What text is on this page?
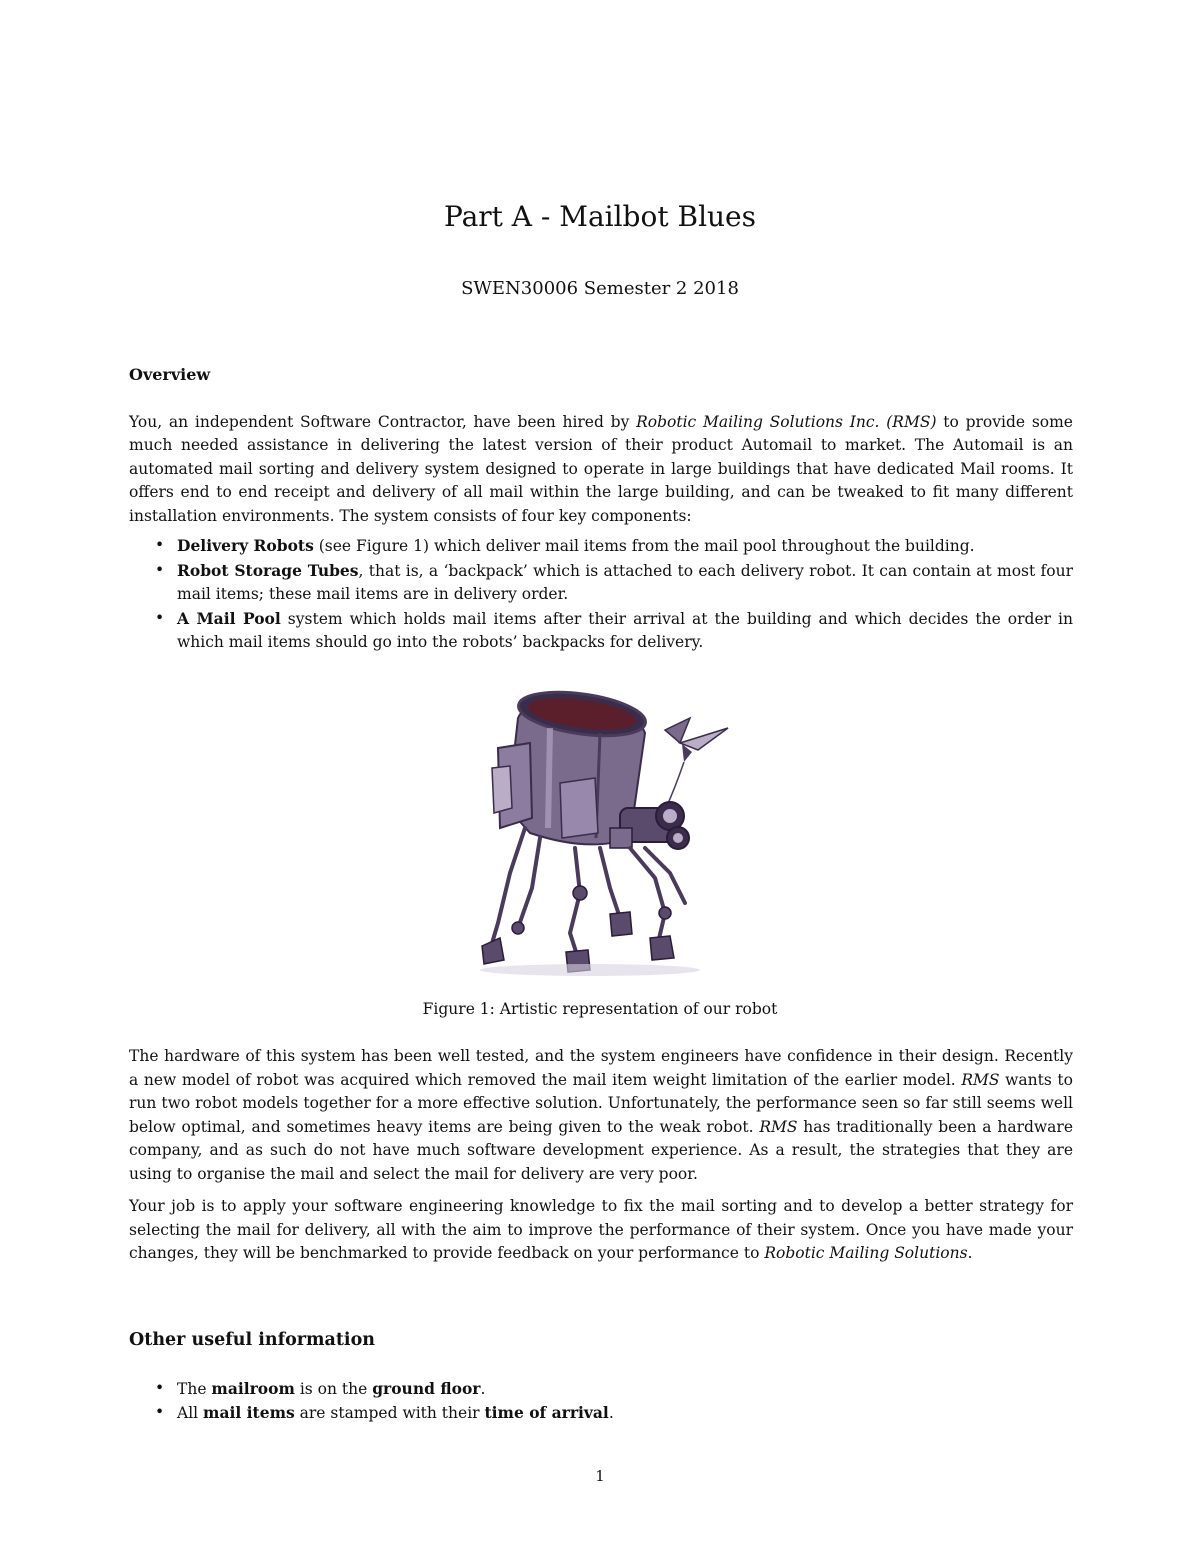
Part A - Mailbot Blues
SWEN30006 Semester 2 2018
Overview

You, an independent Software Contractor, have been hired by Robotic Mailing Solutions Inc. (RMS) to provide some much needed assistance in delivering the latest version of their product Automail to market. The Automail is an automated mail sorting and delivery system designed to operate in large buildings that have dedicated Mail rooms. It offers end to end receipt and delivery of all mail within the large building, and can be tweaked to fit many different installation environments. The system consists of four key components:

• Delivery Robots (see Figure 1) which deliver mail items from the mail pool throughout the building.
• Robot Storage Tubes, that is, a ‘backpack’ which is attached to each delivery robot. It can contain at most four mail items; these mail items are in delivery order.
• A Mail Pool system which holds mail items after their arrival at the building and which decides the order in which mail items should go into the robots’ backpacks for delivery.
Figure 1: Artistic representation of our robot

The hardware of this system has been well tested, and the system engineers have confidence in their design. Recently a new model of robot was acquired which removed the mail item weight limitation of the earlier model. RMS wants to run two robot models together for a more effective solution. Unfortunately, the performance seen so far still seems well below optimal, and sometimes heavy items are being given to the weak robot. RMS has traditionally been a hardware company, and as such do not have much software development experience. As a result, the strategies that they are using to organise the mail and select the mail for delivery are very poor.

Your job is to apply your software engineering knowledge to fix the mail sorting and to develop a better strategy for selecting the mail for delivery, all with the aim to improve the performance of their system. Once you have made your changes, they will be benchmarked to provide feedback on your performance to Robotic Mailing Solutions.

Other useful information
• The mailroom is on the ground floor.
• All mail items are stamped with their time of arrival.
1
